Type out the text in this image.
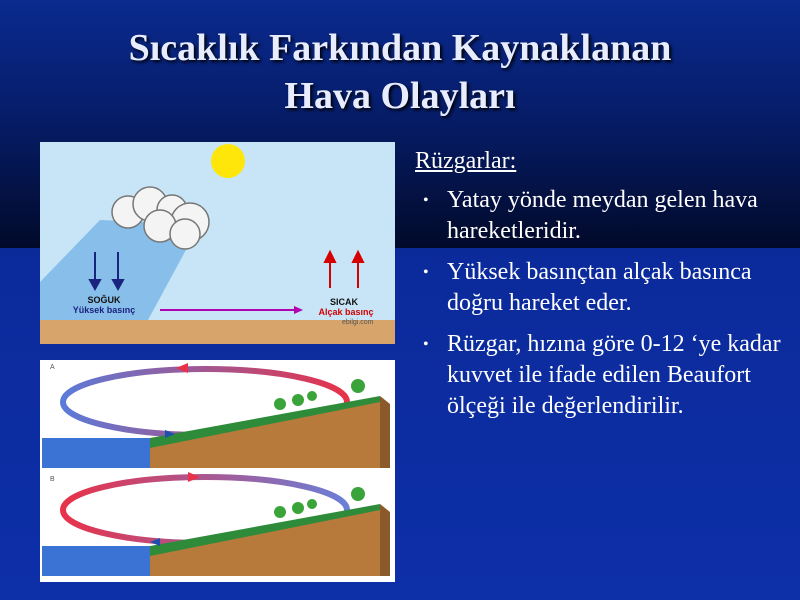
Sıcaklık Farkından Kaynaklanan
Hava Olayları
SOĞUK
Yüksek basınç
SICAK
Alçak basınç
ebilgi.com
A
B
Rüzgarlar:
• Yatay yönde meydan gelen hava hareketleridir.
• Yüksek basınçtan alçak basınca doğru hareket eder.
• Rüzgar, hızına göre 0-12 ‘ye kadar kuvvet ile ifade edilen Beaufort ölçeği ile değerlendirilir.
